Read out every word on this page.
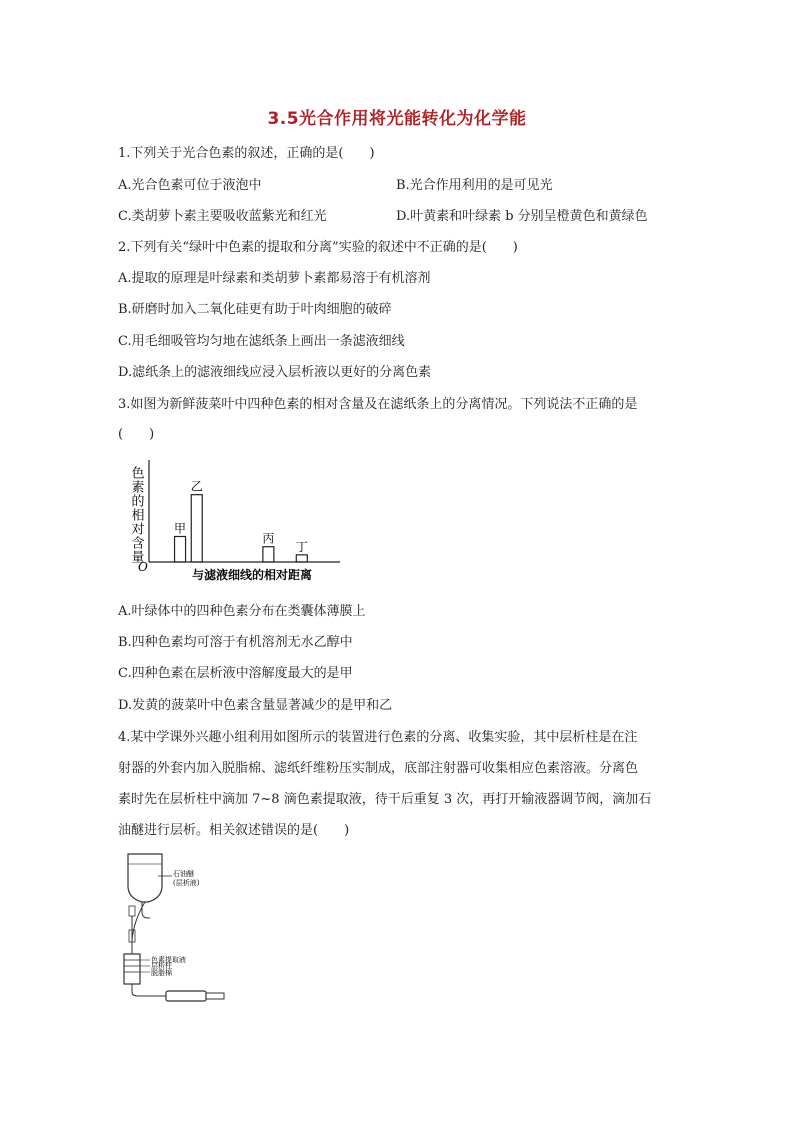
3.5光合作用将光能转化为化学能
1.下列关于光合色素的叙述，正确的是(　　)
A.光合色素可位于液泡中	B.光合作用利用的是可见光
C.类胡萝卜素主要吸收蓝紫光和红光	D.叶黄素和叶绿素 b 分别呈橙黄色和黄绿色
2.下列有关“绿叶中色素的提取和分离”实验的叙述中不正确的是(　　)
A.提取的原理是叶绿素和类胡萝卜素都易溶于有机溶剂
B.研磨时加入二氧化硅更有助于叶肉细胞的破碎
C.用毛细吸管均匀地在滤纸条上画出一条滤液细线
D.滤纸条上的滤液细线应浸入层析液以更好的分离色素
3.如图为新鲜菠菜叶中四种色素的相对含量及在滤纸条上的分离情况。下列说法不正确的是
(　　)
色素的相对含量
O
与滤液细线的相对距离
甲
乙
丙
丁
A.叶绿体中的四种色素分布在类囊体薄膜上
B.四种色素均可溶于有机溶剂无水乙醇中
C.四种色素在层析液中溶解度最大的是甲
D.发黄的菠菜叶中色素含量显著减少的是甲和乙
4.某中学课外兴趣小组利用如图所示的装置进行色素的分离、收集实验，其中层析柱是在注
射器的外套内加入脱脂棉、滤纸纤维粉压实制成，底部注射器可收集相应色素溶液。分离色
素时先在层析柱中滴加 7~8 滴色素提取液，待干后重复 3 次，再打开输液器调节阀，滴加石
油醚进行层析。相关叙述错误的是(　　)
石油醚
(层析液)
色素提取液
层析柱
脱脂棉
